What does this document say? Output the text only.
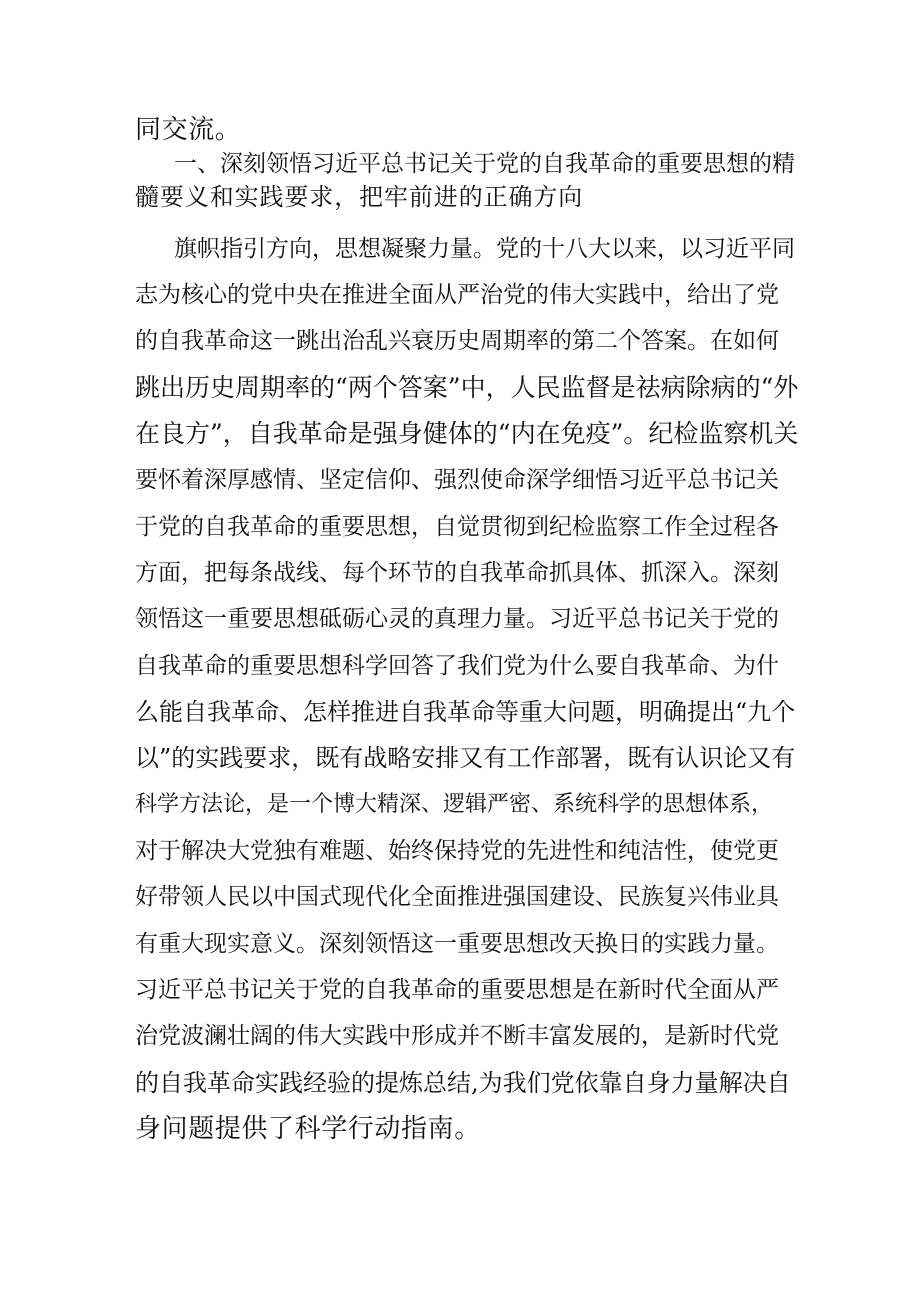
同交流。
一、深刻领悟习近平总书记关于党的自我革命的重要思想的精
髓要义和实践要求，把牢前进的正确方向
旗帜指引方向，思想凝聚力量。党的十八大以来，以习近平同
志为核心的党中央在推进全面从严治党的伟大实践中，给出了党
的自我革命这一跳出治乱兴衰历史周期率的第二个答案。在如何
跳出历史周期率的“两个答案”中，人民监督是祛病除病的“外
在良方”，自我革命是强身健体的“内在免疫”。纪检监察机关
要怀着深厚感情、坚定信仰、强烈使命深学细悟习近平总书记关
于党的自我革命的重要思想，自觉贯彻到纪检监察工作全过程各
方面，把每条战线、每个环节的自我革命抓具体、抓深入。深刻
领悟这一重要思想砥砺心灵的真理力量。习近平总书记关于党的
自我革命的重要思想科学回答了我们党为什么要自我革命、为什
么能自我革命、怎样推进自我革命等重大问题，明确提出“九个
以”的实践要求，既有战略安排又有工作部署，既有认识论又有
科学方法论，是一个博大精深、逻辑严密、系统科学的思想体系，
对于解决大党独有难题、始终保持党的先进性和纯洁性，使党更
好带领人民以中国式现代化全面推进强国建设、民族复兴伟业具
有重大现实意义。深刻领悟这一重要思想改天换日的实践力量。
习近平总书记关于党的自我革命的重要思想是在新时代全面从严
治党波澜壮阔的伟大实践中形成并不断丰富发展的，是新时代党
的自我革命实践经验的提炼总结,为我们党依靠自身力量解决自
身问题提供了科学行动指南。
